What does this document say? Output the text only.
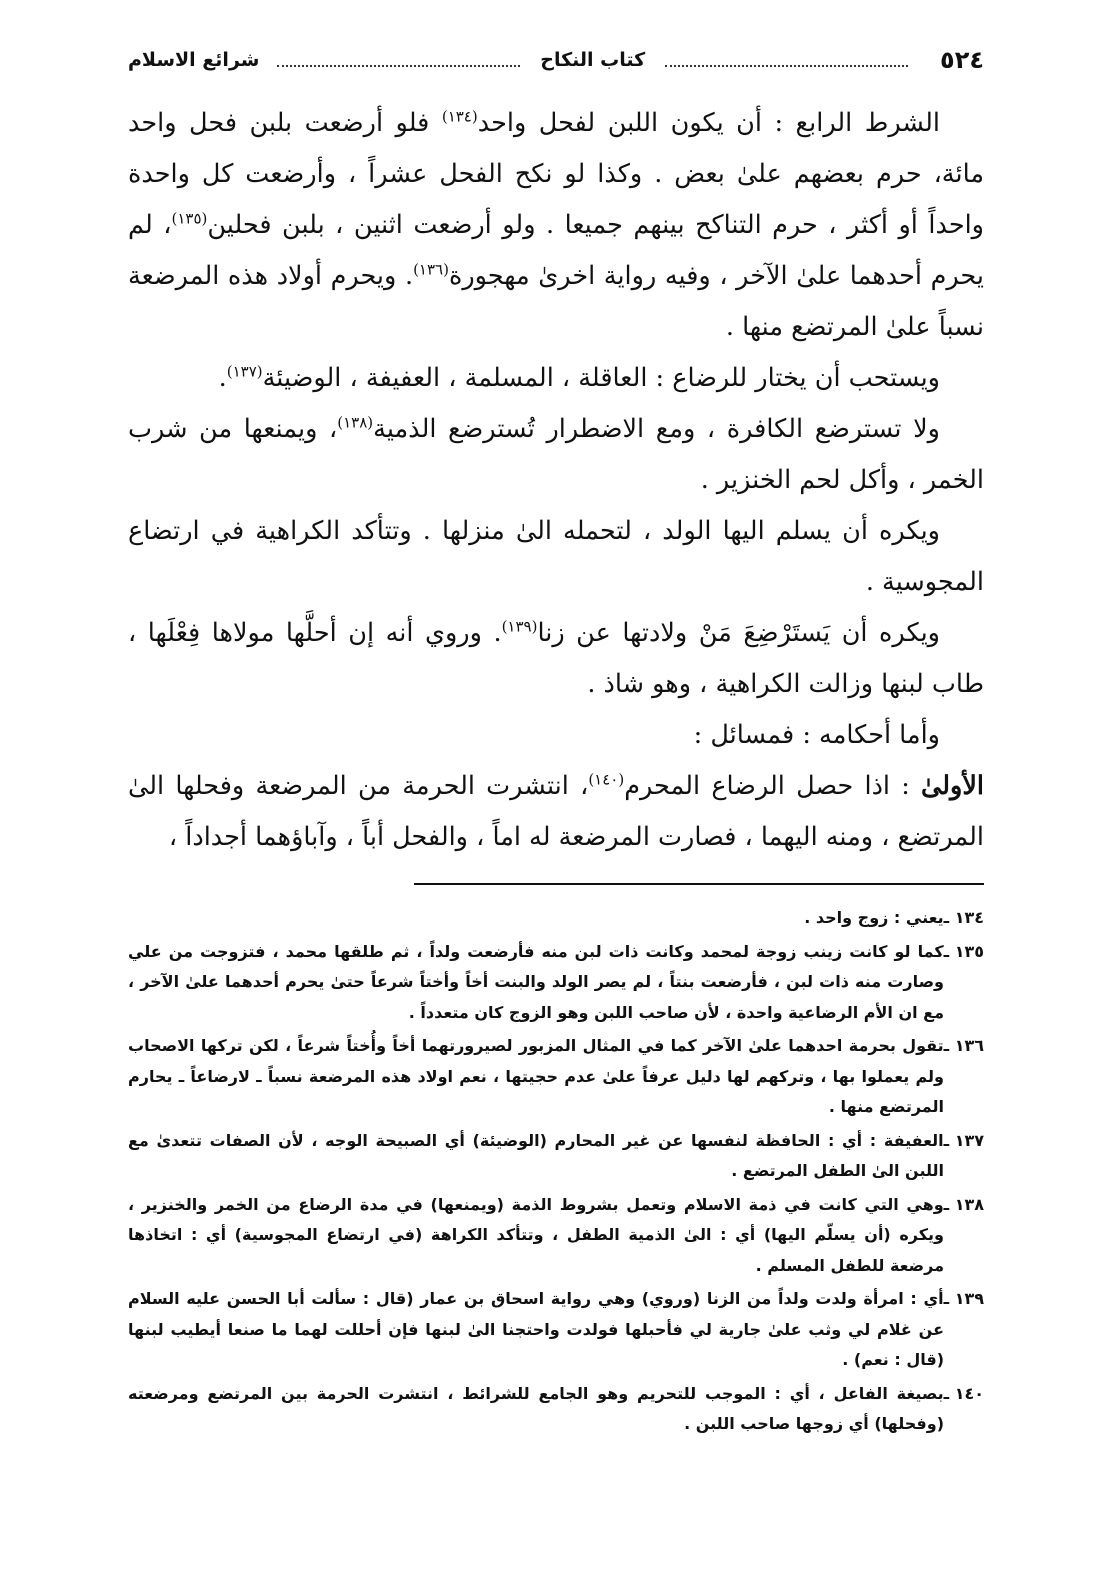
٥٢٤
كتاب النكاح
شرائع الاسلام

الشرط الرابع : أن يكون اللبن لفحل واحد$^{(١٣٤)}$ فلو أرضعت بلبن فحل واحد مائة، حرم بعضهم علىٰ بعض . وكذا لو نكح الفحل عشراً ، وأرضعت كل واحدة واحداً أو أكثر ، حرم التناكح بينهم جميعا . ولو أرضعت اثنين ، بلبن فحلين$^{(١٣٥)}$، لم يحرم أحدهما علىٰ الآخر ، وفيه رواية اخرىٰ مهجورة$^{(١٣٦)}$. ويحرم أولاد هذه المرضعة نسباً علىٰ المرتضع منها .

ويستحب أن يختار للرضاع : العاقلة ، المسلمة ، العفيفة ، الوضيئة$^{(١٣٧)}$.

ولا تسترضع الكافرة ، ومع الاضطرار تُسترضع الذمية$^{(١٣٨)}$، ويمنعها من شرب الخمر ، وأكل لحم الخنزير .

ويكره أن يسلم اليها الولد ، لتحمله الىٰ منزلها . وتتأكد الكراهية في ارتضاع المجوسية .

ويكره أن يَستَرْضِعَ مَنْ ولادتها عن زنا$^{(١٣٩)}$. وروي أنه إن أحلَّها مولاها فِعْلَها ، طاب لبنها وزالت الكراهية ، وهو شاذ .

وأما أحكامه : فمسائل :

الأولىٰ : اذا حصل الرضاع المحرم$^{(١٤٠)}$، انتشرت الحرمة من المرضعة وفحلها الىٰ المرتضع ، ومنه اليهما ، فصارت المرضعة له اماً ، والفحل أباً ، وآباؤهما أجداداً ،

١٣٤ ـيعني : زوج واحد .

١٣٥ ـكما لو كانت زينب زوجة لمحمد وكانت ذات لبن منه فأرضعت ولداً ، ثم طلقها محمد ، فتزوجت من علي وصارت منه ذات لبن ، فأرضعت بنتاً ، لم يصر الولد والبنت أخاً وأختاً شرعاً حتىٰ يحرم أحدهما علىٰ الآخر ، مع ان الأم الرضاعية واحدة ، لأن صاحب اللبن وهو الزوج كان متعدداً .

١٣٦ ـتقول بحرمة احدهما علىٰ الآخر كما في المثال المزبور لصيرورتهما أخاً وأُختاً شرعاً ، لكن تركها الاصحاب ولم يعملوا بها ، وتركهم لها دليل عرفاً علىٰ عدم حجيتها ، نعم اولاد هذه المرضعة نسباً ـ لارضاعاً ـ يحارم المرتضع منها .

١٣٧ ـالعفيفة : أي : الحافظة لنفسها عن غير المحارم (الوضيئة) أي الصبيحة الوجه ، لأن الصفات تتعدىٰ مع اللبن الىٰ الطفل المرتضع .

١٣٨ ـوهي التي كانت في ذمة الاسلام وتعمل بشروط الذمة (ويمنعها) في مدة الرضاع من الخمر والخنزير ، ويكره (أن يسلّم اليها) أي : الىٰ الذمية الطفل ، وتتأكد الكراهة (في ارتضاع المجوسية) أي : اتخاذها مرضعة للطفل المسلم .

١٣٩ ـأي : امرأة ولدت ولداً من الزنا (وروي) وهي رواية اسحاق بن عمار (قال : سألت أبا الحسن عليه السلام عن غلام لي وثب علىٰ جارية لي فأحبلها فولدت واحتجنا الىٰ لبنها فإن أحللت لهما ما صنعا أيطيب لبنها (قال : نعم) .

١٤٠ ـبصيغة الفاعل ، أي : الموجب للتحريم وهو الجامع للشرائط ، انتشرت الحرمة بين المرتضع ومرضعته (وفحلها) أي زوجها صاحب اللبن .
